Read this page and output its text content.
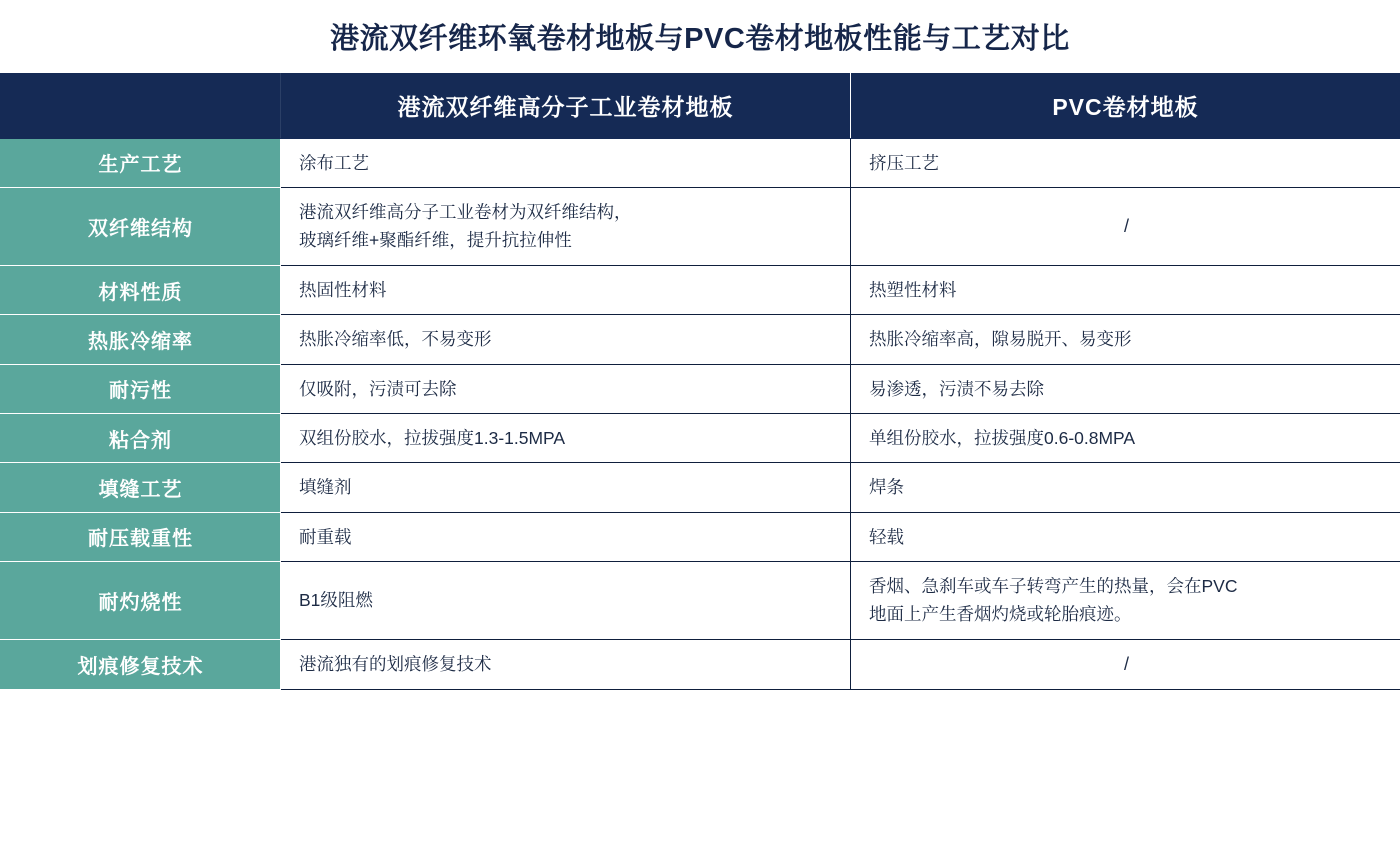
港流双纤维环氧卷材地板与PVC卷材地板性能与工艺对比
	港流双纤维高分子工业卷材地板	PVC卷材地板
生产工艺	涂布工艺	挤压工艺

双纤维结构	港流双纤维高分子工业卷材为双纤维结构，
玻璃纤维+聚酯纤维，提升抗拉伸性	/

材料性质	热固性材料	热塑性材料

热胀冷缩率	热胀冷缩率低，不易变形	热胀冷缩率高，隙易脱开、易变形

耐污性	仅吸附，污渍可去除	易渗透，污渍不易去除

粘合剂	双组份胶水，拉拔强度1.3-1.5MPA	单组份胶水，拉拔强度0.6-0.8MPA

填缝工艺	填缝剂	焊条

耐压载重性	耐重载	轻载

耐灼烧性	B1级阻燃	香烟、急刹车或车子转弯产生的热量，会在PVC
地面上产生香烟灼烧或轮胎痕迹。

划痕修复技术	港流独有的划痕修复技术	/
